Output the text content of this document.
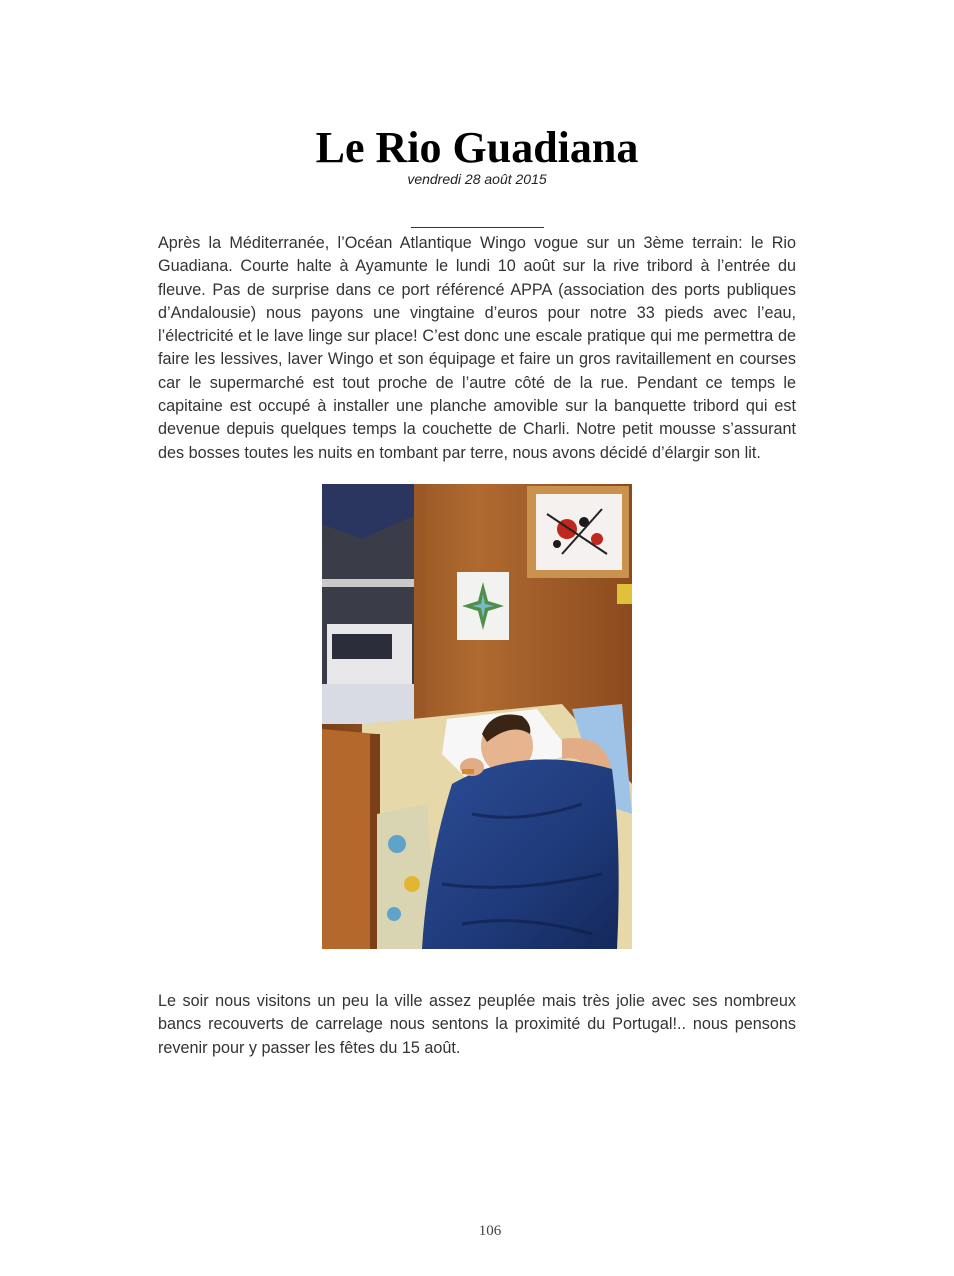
Le Rio Guadiana
vendredi 28 août 2015

Après la Méditerranée, l’Océan Atlantique Wingo vogue sur un 3ème terrain: le Rio Guadiana. Courte halte à Ayamunte le lundi 10 août sur la rive tribord à l’entrée du fleuve. Pas de surprise dans ce port référencé APPA (association des ports publiques d’Andalousie) nous payons une vingtaine d’euros pour notre 33 pieds avec l’eau, l’électricité et le lave linge sur place! C’est donc une escale pratique qui me permettra de faire les lessives, laver Wingo et son équipage et faire un gros ravitaillement en courses car le supermarché est tout proche de l’autre côté de la rue. Pendant ce temps le capitaine est occupé à installer une planche amovible sur la banquette tribord qui est devenue depuis quelques temps la couchette de Charli. Notre petit mousse s’assurant des bosses toutes les nuits en tombant par terre, nous avons décidé d’élargir son lit.

Le soir nous visitons un peu la ville assez peuplée mais très jolie avec ses nombreux bancs recouverts de carrelage nous sentons la proximité du Portugal!.. nous pensons revenir pour y passer les fêtes du 15 août.

106
